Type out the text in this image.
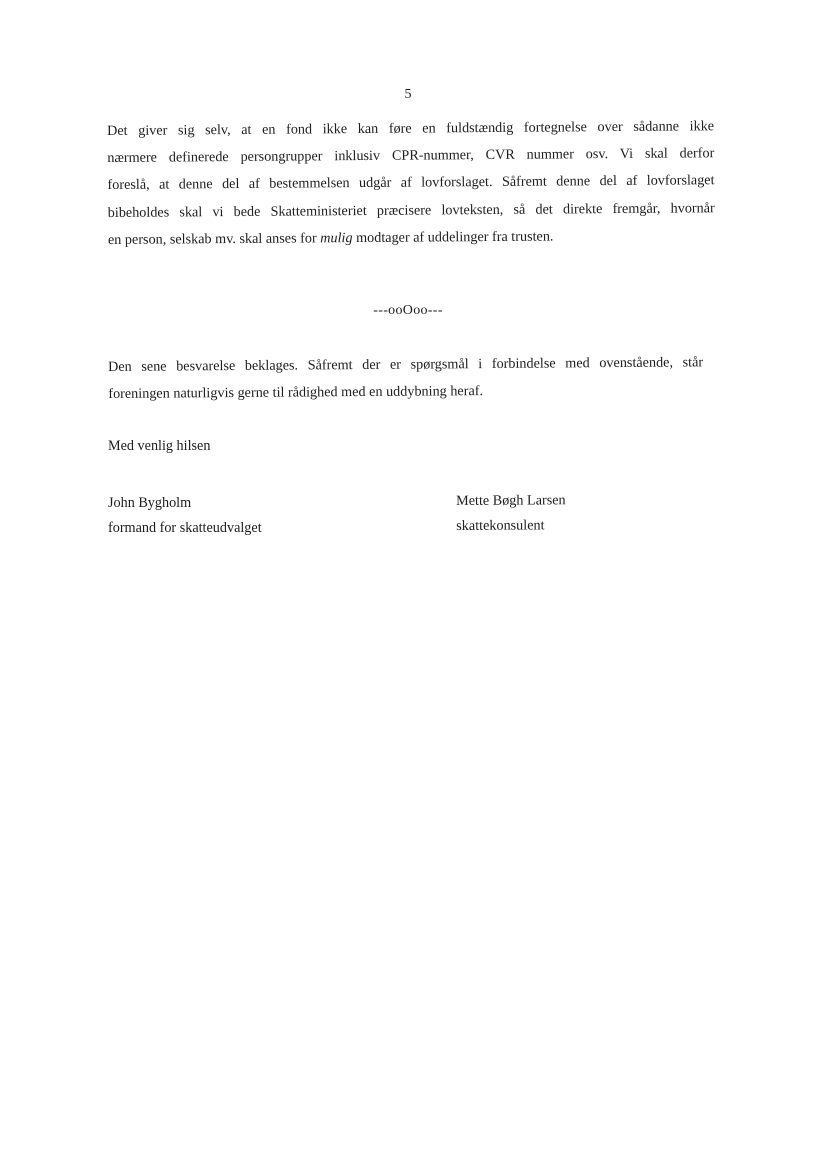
5

Det giver sig selv, at en fond ikke kan føre en fuldstændig fortegnelse over sådanne ikke
nærmere definerede persongrupper inklusiv CPR-nummer, CVR nummer osv. Vi skal derfor
foreslå, at denne del af bestemmelsen udgår af lovforslaget. Såfremt denne del af lovforslaget
bibeholdes skal vi bede Skatteministeriet præcisere lovteksten, så det direkte fremgår, hvornår
en person, selskab mv. skal anses for mulig modtager af uddelinger fra trusten.

---ooOoo---

Den sene besvarelse beklages. Såfremt der er spørgsmål i forbindelse med ovenstående, står
foreningen naturligvis gerne til rådighed med en uddybning heraf.

Med venlig hilsen
John Bygholm
formand for skatteudvalget
Mette Bøgh Larsen
skattekonsulent
